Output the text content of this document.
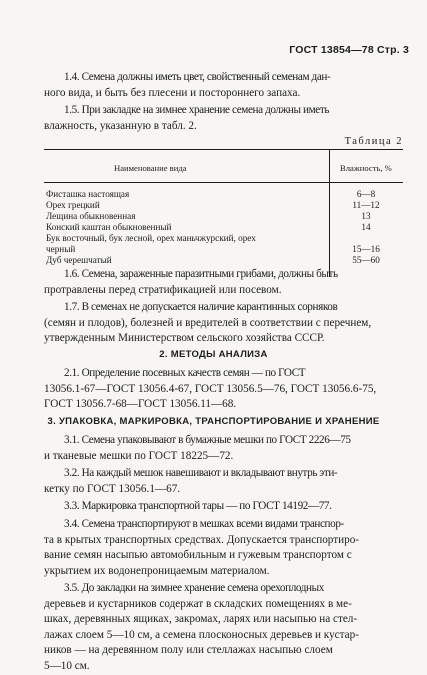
ГОСТ 13854—78 Стр. 3
1.4. Семена должны иметь цвет, свойственный семенам дан-
ного вида, и быть без плесени и постороннего запаха.
1.5. При закладке на зимнее хранение семена должны иметь
влажность, указанную в табл. 2.
Таблица 2
Наименование вида	Влажность, %
Фисташка настоящая	6—8
Орех грецкий	11—12
Лещина обыкновенная	13
Конский каштан обыкновенный	14
Бук восточный, бук лесной, орех маньчжурский, орех
черный	15—16
Дуб черешчатый	55—60
1.6. Семена, зараженные паразитными грибами, должны быть
протравлены перед стратификацией или посевом.
1.7. В семенах не допускается наличие карантинных сорняков
(семян и плодов), болезней и вредителей в соответствии с перечнем,
утвержденным Министерством сельского хозяйства СССР.
2. МЕТОДЫ АНАЛИЗА
2.1. Определение посевных качеств семян — по ГОСТ
13056.1-67—ГОСТ 13056.4-67, ГОСТ 13056.5—76, ГОСТ 13056.6-75,
ГОСТ 13056.7-68—ГОСТ 13056.11—68.
3. УПАКОВКА, МАРКИРОВКА, ТРАНСПОРТИРОВАНИЕ И ХРАНЕНИЕ
3.1. Семена упаковывают в бумажные мешки по ГОСТ 2226—75
и тканевые мешки по ГОСТ 18225—72.
3.2. На каждый мешок навешивают и вкладывают внутрь эти-
кетку по ГОСТ 13056.1—67.
3.3. Маркировка транспортной тары — по ГОСТ 14192—77.
3.4. Семена транспортируют в мешках всеми видами транспор-
та в крытых транспортных средствах. Допускается транспортиро-
вание семян насыпью автомобильным и гужевым транспортом с
укрытием их водонепроницаемым материалом.
3.5. До закладки на зимнее хранение семена орехоплодных
деревьев и кустарников содержат в складских помещениях в ме-
шках, деревянных ящиках, закромах, ларях или насыпью на стел-
лажах слоем 5—10 см, а семена плосконосных деревьев и кустар-
ников — на деревянном полу или стеллажах насыпью слоем
5—10 см.
